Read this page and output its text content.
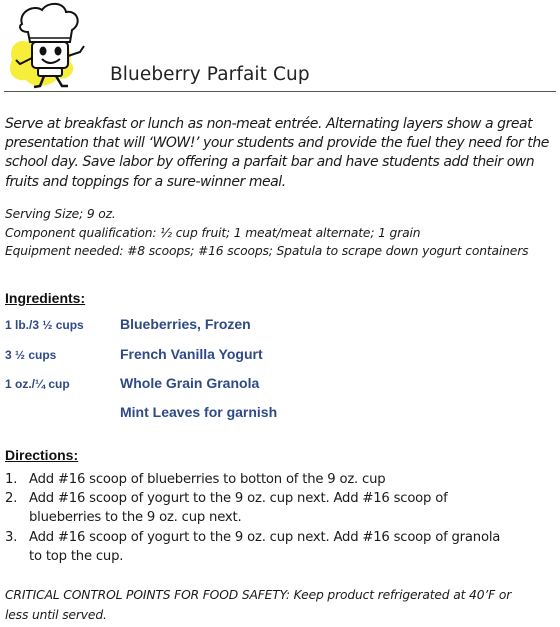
Blueberry Parfait Cup
Serve at breakfast or lunch as non-meat entrée. Alternating layers show a great presentation that will ‘WOW!’ your students and provide the fuel they need for the school day. Save labor by offering a parfait bar and have students add their own fruits and toppings for a sure-winner meal.
Serving Size; 9 oz.
Component qualification: ½ cup fruit; 1 meat/meat alternate; 1 grain
Equipment needed: #8 scoops; #16 scoops; Spatula to scrape down yogurt containers
Ingredients:
1 lb./3 ½ cups	Blueberries, Frozen
3 ½ cups	French Vanilla Yogurt
1 oz./¼ cup	Whole Grain Granola
Mint Leaves for garnish
Directions:
1. Add #16 scoop of blueberries to botton of the 9 oz. cup
2. Add #16 scoop of yogurt to the 9 oz. cup next. Add #16 scoop of
blueberries to the 9 oz. cup next.
3. Add #16 scoop of yogurt to the 9 oz. cup next. Add #16 scoop of granola
to top the cup.
CRITICAL CONTROL POINTS FOR FOOD SAFETY: Keep product refrigerated at 40’F or
less until served.
